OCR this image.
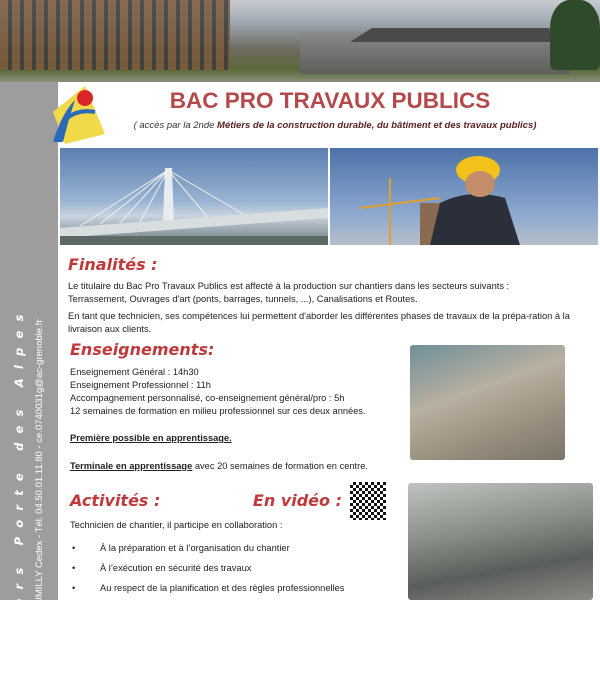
Métiers Porte des Alpes - BP 90 - 74151 RUMILLY Cedex - Tél. 04.50.01.11.80 - ce.0740031g@ac-grenoble.fr
BAC PRO TRAVAUX PUBLICS
( accès par la 2nde Métiers de la construction durable, du bâtiment et des travaux publics)
Finalités :
Le titulaire du Bac Pro Travaux Publics est affecté à la production sur chantiers dans les secteurs suivants : Terrassement, Ouvrages d'art (ponts, barrages, tunnels, ...), Canalisations et Routes.
En tant que technicien, ses compétences lui permettent d'aborder les différentes phases de travaux de la prépa-ration à la livraison aux clients.
Enseignements:
Enseignement Général : 14h30
Enseignement Professionnel : 11h
Accompagnement personnalisé, co-enseignement général/pro : 5h
12 semaines de formation en milieu professionnel sur ces deux années.
Première possible en apprentissage.
Terminale en apprentissage avec 20 semaines de formation en centre.
Activités :	En vidéo :
Technicien de chantier, il participe en collaboration :
•	À la préparation et à l’organisation du chantier
•	À l’exécution en sécurité des travaux
•	Au respect de la planification et des règles professionnelles
